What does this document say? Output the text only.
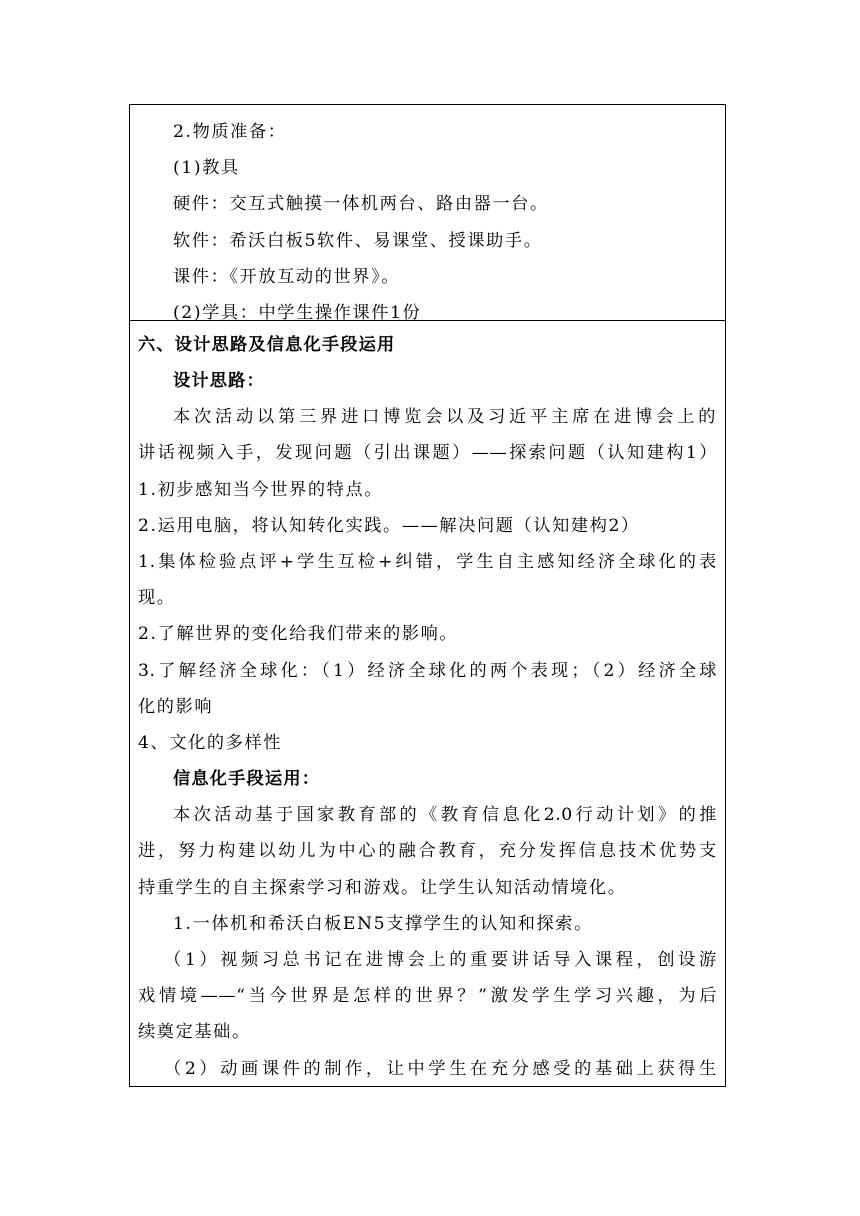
2.物质准备：
(1)教具
硬件：交互式触摸一体机两台、路由器一台。
软件：希沃白板5软件、易课堂、授课助手。
课件：《开放互动的世界》。
(2)学具：中学生操作课件1份
六、设计思路及信息化手段运用
设计思路：
本次活动以第三界进口博览会以及习近平主席在进博会上的
讲话视频入手，发现问题（引出课题）——探索问题（认知建构1）
1.初步感知当今世界的特点。
2.运用电脑，将认知转化实践。——解决问题（认知建构2）
1.集体检验点评+学生互检+纠错，学生自主感知经济全球化的表
现。
2.了解世界的变化给我们带来的影响。
3.了解经济全球化：（1）经济全球化的两个表现；（2）经济全球
化的影响
4、文化的多样性
信息化手段运用：
本次活动基于国家教育部的《教育信息化2.0行动计划》的推
进，努力构建以幼儿为中心的融合教育，充分发挥信息技术优势支
持重学生的自主探索学习和游戏。让学生认知活动情境化。
1.一体机和希沃白板EN5支撑学生的认知和探索。
（1）视频习总书记在进博会上的重要讲话导入课程，创设游
戏情境——“当今世界是怎样的世界？”激发学生学习兴趣，为后
续奠定基础。
（2）动画课件的制作，让中学生在充分感受的基础上获得生
